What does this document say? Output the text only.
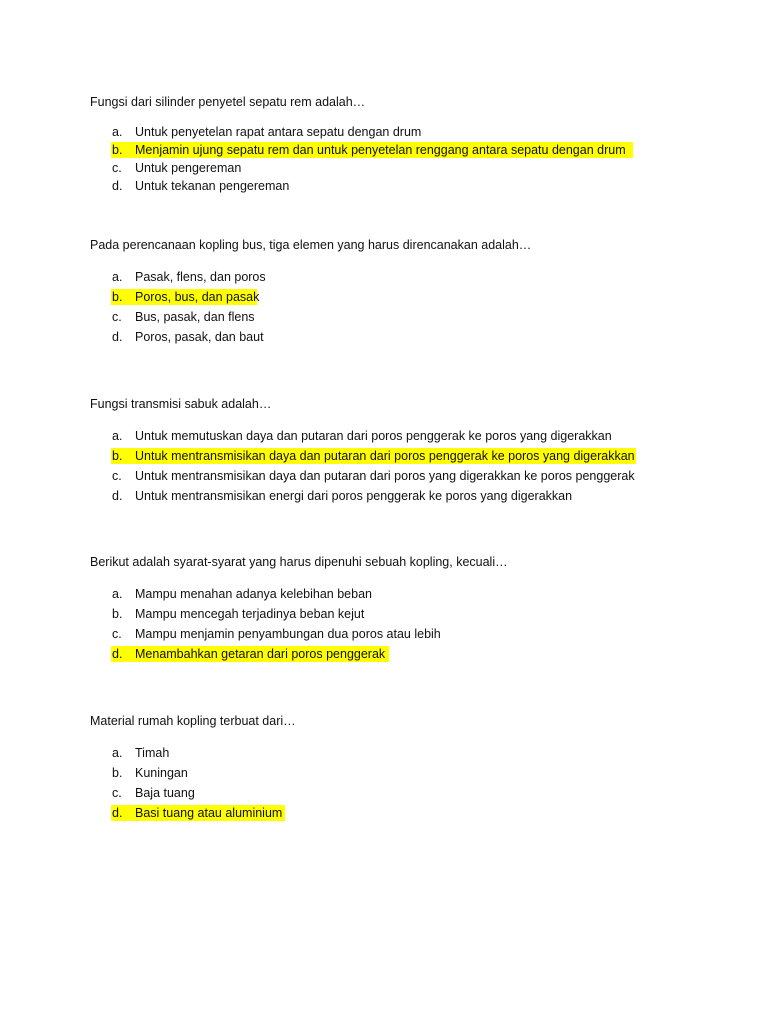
Fungsi dari silinder penyetel sepatu rem adalah…

a. Untuk penyetelan rapat antara sepatu dengan drum
b. Menjamin ujung sepatu rem dan untuk penyetelan renggang antara sepatu dengan drum
c. Untuk pengereman
d. Untuk tekanan pengereman

Pada perencanaan kopling bus, tiga elemen yang harus direncanakan adalah…

a. Pasak, flens, dan poros
b. Poros, bus, dan pasak
c. Bus, pasak, dan flens
d. Poros, pasak, dan baut

Fungsi transmisi sabuk adalah…

a. Untuk memutuskan daya dan putaran dari poros penggerak ke poros yang digerakkan
b. Untuk mentransmisikan daya dan putaran dari poros penggerak ke poros yang digerakkan
c. Untuk mentransmisikan daya dan putaran dari poros yang digerakkan ke poros penggerak
d. Untuk mentransmisikan energi dari poros penggerak ke poros yang digerakkan

Berikut adalah syarat-syarat yang harus dipenuhi sebuah kopling, kecuali…

a. Mampu menahan adanya kelebihan beban
b. Mampu mencegah terjadinya beban kejut
c. Mampu menjamin penyambungan dua poros atau lebih
d. Menambahkan getaran dari poros penggerak

Material rumah kopling terbuat dari…

a. Timah
b. Kuningan
c. Baja tuang
d. Basi tuang atau aluminium
